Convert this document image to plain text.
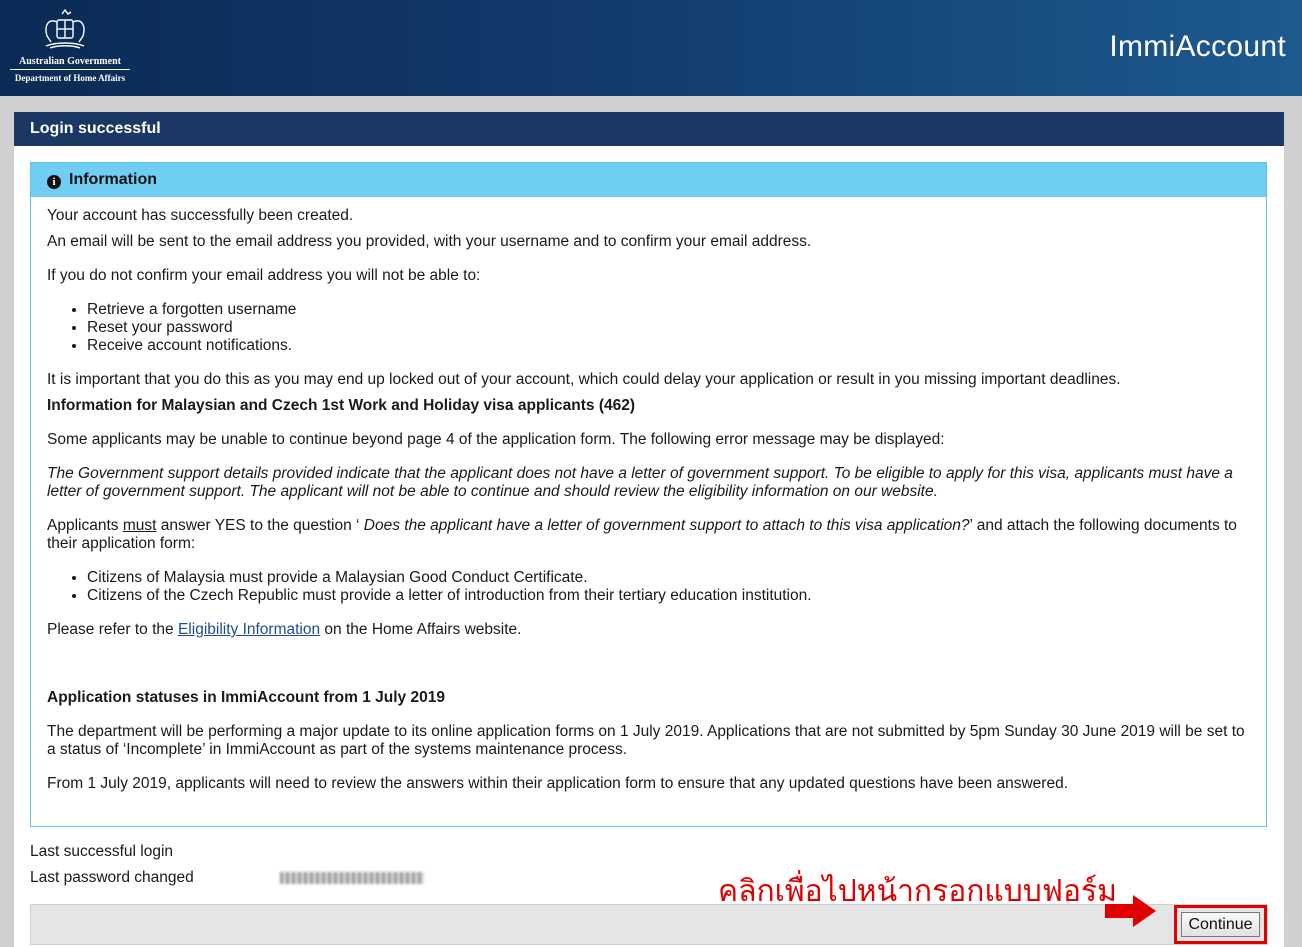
Australian Government
Department of Home Affairs
ImmiAccount
Login successful
i Information

Your account has successfully been created.

An email will be sent to the email address you provided, with your username and to confirm your email address.

If you do not confirm your email address you will not be able to:

• Retrieve a forgotten username
• Reset your password
• Receive account notifications.

It is important that you do this as you may end up locked out of your account, which could delay your application or result in you missing important deadlines.

Information for Malaysian and Czech 1st Work and Holiday visa applicants (462)

Some applicants may be unable to continue beyond page 4 of the application form. The following error message may be displayed:

The Government support details provided indicate that the applicant does not have a letter of government support. To be eligible to apply for this visa, applicants must have a letter of government support. The applicant will not be able to continue and should review the eligibility information on our website.

Applicants must answer YES to the question ‘ Does the applicant have a letter of government support to attach to this visa application?’ and attach the following documents to their application form:

• Citizens of Malaysia must provide a Malaysian Good Conduct Certificate.
• Citizens of the Czech Republic must provide a letter of introduction from their tertiary education institution.

Please refer to the Eligibility Information on the Home Affairs website.

Application statuses in ImmiAccount from 1 July 2019

The department will be performing a major update to its online application forms on 1 July 2019. Applications that are not submitted by 5pm Sunday 30 June 2019 will be set to a status of ‘Incomplete’ in ImmiAccount as part of the systems maintenance process.

From 1 July 2019, applicants will need to review the answers within their application form to ensure that any updated questions have been answered.

Last successful login
Last password changed
Continue
คลิกเพื่อไปหน้ากรอกแบบฟอร์ม
